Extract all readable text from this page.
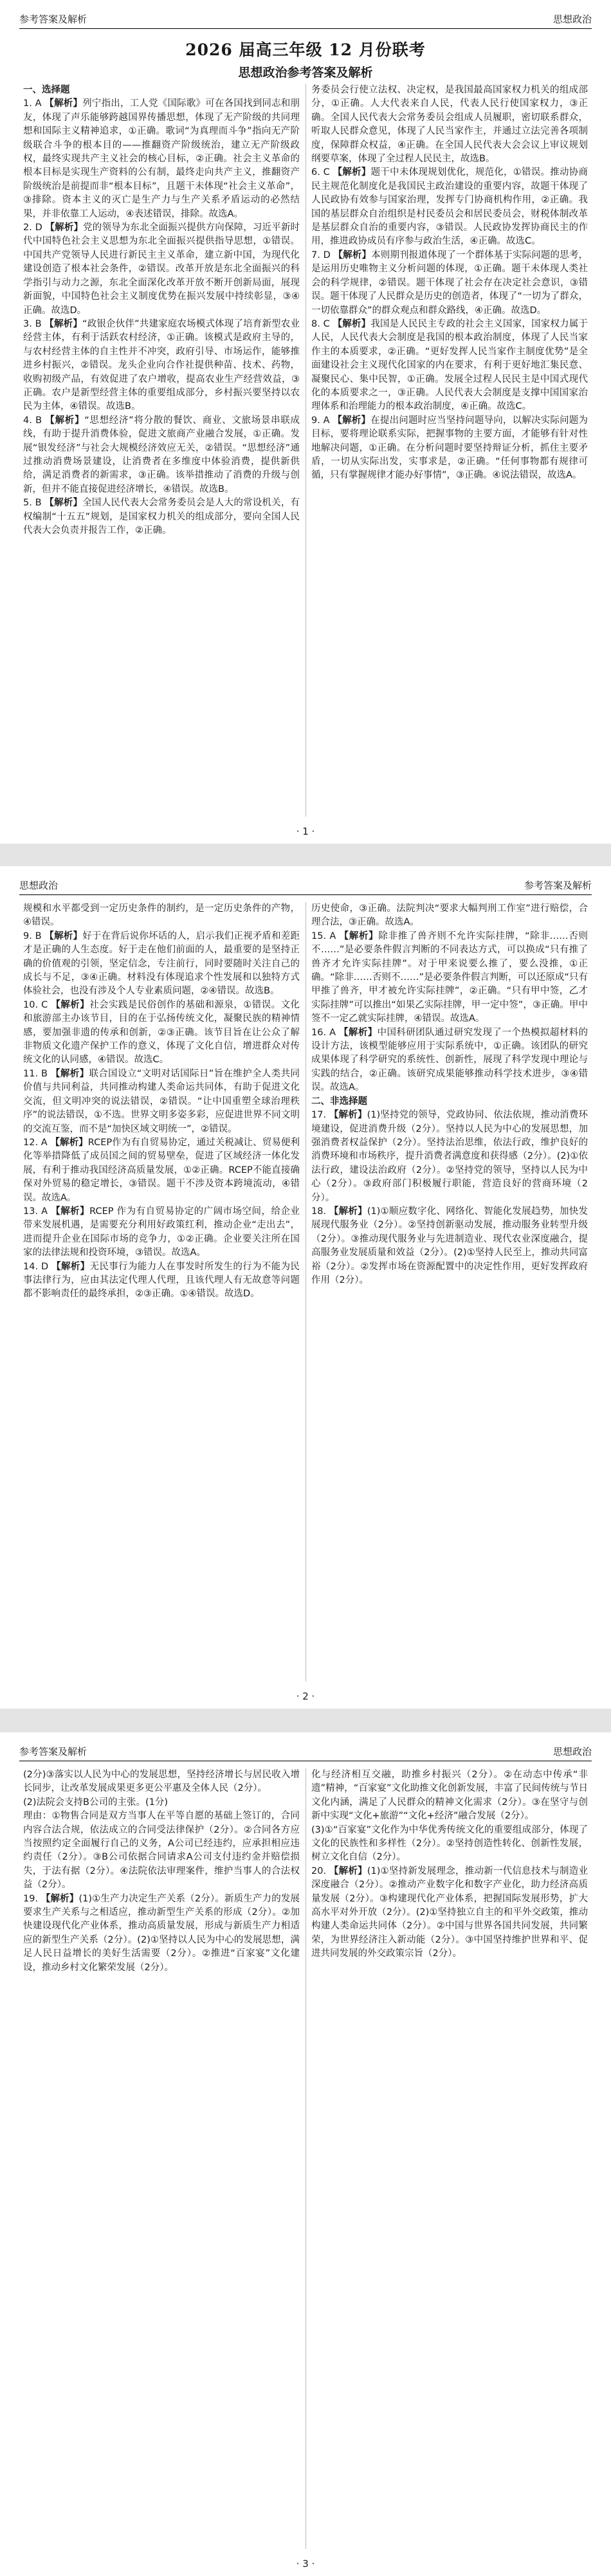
参考答案及解析	思想政治
2026 届高三年级 12 月份联考
思想政治参考答案及解析

一、选择题

1. A 【解析】列宁指出，工人党《国际歌》可在各国找到同志和朋友，体现了声乐能够跨越国界传播思想，体现了无产阶级的共同理想和国际主义精神追求，①正确。歌词“为真理而斗争”指向无产阶级联合斗争的根本目的——推翻资产阶级统治，建立无产阶级政权，最终实现共产主义社会的核心目标，②正确。社会主义革命的根本目标是实现生产资料的公有制，最终走向共产主义，推翻资产阶级统治是前提而非“根本目标”，且题干未体现“社会主义革命”，③排除。资本主义的灭亡是生产力与生产关系矛盾运动的必然结果，并非依靠工人运动，④表述错误，排除。故选A。

2. D 【解析】党的领导为东北全面振兴提供方向保障，习近平新时代中国特色社会主义思想为东北全面振兴提供指导思想，①错误。中国共产党领导人民进行新民主主义革命，建立新中国，为现代化建设创造了根本社会条件，②错误。改革开放是东北全面振兴的科学指引与动力之源，东北全面深化改革开放不断开创新局面，展现新面貌，中国特色社会主义制度优势在振兴发展中持续彰显，③④正确。故选D。

3. B 【解析】“政银企伙伴”共建家庭农场模式体现了培育新型农业经营主体，有利于活跃农村经济，①正确。该模式是政府主导的，与农村经营主体的自主性并不冲突，政府引导、市场运作，能够推进乡村振兴，②错误。龙头企业向合作社提供种苗、技术、药物，收购初级产品，有效促进了农户增收，提高农业生产经营效益，③正确。农户是新型经营主体的重要组成部分，乡村振兴要坚持以农民为主体，④错误。故选B。

4. B 【解析】“思想经济”将分散的餐饮、商业、文旅场景串联成线，有助于提升消费体验，促进文旅商产业融合发展，①正确。发展“银发经济”与社会大规模经济效应无关，②错误。“思想经济”通过推动消费场景建设，让消费者在多维度中体验消费，提供新供给，满足消费者的新需求，③正确。该举措推动了消费的升级与创新，但并不能直接促进经济增长，④错误。故选B。

5. B 【解析】全国人民代表大会常务委员会是人大的常设机关，有权编制“十五五”规划，是国家权力机关的组成部分，要向全国人民代表大会负责并报告工作，②正确。

务委员会行使立法权、决定权，是我国最高国家权力机关的组成部分，①正确。人大代表来自人民，代表人民行使国家权力，③正确。全国人民代表大会常务委员会组成人员履职，密切联系群众，听取人民群众意见，体现了人民当家作主，并通过立法完善各项制度，保障群众权益，④正确。在全国人民代表大会会议上审议规划纲要草案，体现了全过程人民民主，故选B。

6. C 【解析】题干中未体现规划优化，规范化，①错误。推动协商民主规范化制度化是我国民主政治建设的重要内容，故题干体现了人民政协有效参与国家治理，发挥专门协商机构作用，②正确。我国的基层群众自治组织是村民委员会和居民委员会，财税体制改革是基层群众自治的重要内容，③错误。人民政协发挥协商民主的作用，推进政协成员有序参与政治生活，④正确。故选C。

7. D 【解析】本则期刊报道体现了一个群体基于实际问题的思考，是运用历史唯物主义分析问题的体现，①正确。题干未体现人类社会的科学规律，②错误。题干体现了社会存在决定社会意识，③错误。题干体现了人民群众是历史的创造者，体现了“一切为了群众，一切依靠群众”的群众观点和群众路线，④正确。故选D。

8. C 【解析】我国是人民民主专政的社会主义国家，国家权力属于人民，人民代表大会制度是我国的根本政治制度，体现了人民当家作主的本质要求，②正确。“更好发挥人民当家作主制度优势”是全面建设社会主义现代化国家的内在要求，有利于更好地汇集民意、凝聚民心、集中民智，①正确。发展全过程人民民主是中国式现代化的本质要求之一，③正确。人民代表大会制度是支撑中国国家治理体系和治理能力的根本政治制度，④正确。故选C。

9. A 【解析】在提出问题时应当坚持问题导向，以解决实际问题为目标，要将理论联系实际，把握事物的主要方面，才能够有针对性地解决问题，①正确。在分析问题时要坚持辩证分析，抓住主要矛盾，一切从实际出发，实事求是，②正确。“任何事物都有规律可循，只有掌握规律才能办好事情”，③正确。④说法错误，故选A。

· 1 ·
思想政治	参考答案及解析

规模和水平都受到一定历史条件的制约，是一定历史条件的产物，④错误。

9. B 【解析】好于在背后说你坏话的人，启示我们正视矛盾和差距才是正确的人生态度。好于走在他们前面的人，最重要的是坚持正确的价值观的引领，坚定信念，专注前行，同时要随时关注自己的成长与不足，③④正确。材料没有体现追求个性发展和以独特方式体验社会，也没有涉及个人专业素质问题，②④错误。故选B。

10. C 【解析】社会实践是民俗创作的基础和源泉，①错误。文化和旅游部主办该节目，目的在于弘扬传统文化，凝聚民族的精神情感，要加强非遗的传承和创新，②③正确。该节目旨在让公众了解非物质文化遗产保护工作的意义，体现了文化自信，增进群众对传统文化的认同感，④错误。故选C。

11. B 【解析】联合国设立“文明对话国际日”旨在维护全人类共同价值与共同利益，共同推动构建人类命运共同体，有助于促进文化交流，但文明冲突的说法错误，②错误。“让中国重塑全球治理秩序”的说法错误，①不选。世界文明多姿多彩，应促进世界不同文明的交流互鉴，而不是“加快区域文明统一”，②错误。

12. A 【解析】RCEP作为有自贸易协定，通过关税减让、贸易便利化等举措降低了成员国之间的贸易壁垒，促进了区域经济一体化发展，有利于推动我国经济高质量发展，①②正确。RCEP不能直接确保对外贸易的稳定增长，③错误。题干不涉及资本跨境流动，④错误。故选A。

13. A 【解析】RCEP 作为有自贸易协定的广阔市场空间，给企业带来发展机遇，是需要充分利用好政策红利，推动企业“走出去”，进而提升企业在国际市场的竞争力，①②正确。企业要关注所在国家的法律法规和投资环境，③错误。故选A。

14. D 【解析】无民事行为能力人在事发时所发生的行为不能为民事法律行为，应由其法定代理人代理，且该代理人有无故意等问题都不影响责任的最终承担，②③正确。①④错误。故选D。

历史使命，③正确。法院判决“要求大幅判刑工作室”进行赔偿，合理合法，③正确。故选A。

15. A 【解析】除非推了兽齐则不允许实际挂牌，“除非……否则不……”是必要条件假言判断的不同表达方式，可以换成“只有推了兽齐才允许实际挂牌”。对于甲来说要么推了，要么没推，①正确。“除非……否则不……”是必要条件假言判断，可以还原成“只有甲推了兽齐，甲才被允许实际挂牌”，②正确。“只有甲中签，乙才实际挂牌”可以推出“如果乙实际挂牌，甲一定中签”，③正确。甲中签不一定乙就实际挂牌，④错误。故选A。

16. A 【解析】中国科研团队通过研究发现了一个热模拟超材料的设计方法，该模型能够应用于实际系统中，①正确。该团队的研究成果体现了科学研究的系统性、创新性，展现了科学发现中理论与实践的结合，②正确。该研究成果能够推动科学技术进步，③④错误。故选A。

二、非选择题

17. 【解析】(1)坚持党的领导，党政协同、依法依规，推动消费环境建设，促进消费升级（2分）。坚持以人民为中心的发展思想，加强消费者权益保护（2分）。坚持法治思维，依法行政，维护良好的消费环境和市场秩序，提升消费者满意度和获得感（2分）。(2)①依法行政，建设法治政府（2分）。②坚持党的领导，坚持以人民为中心（2分）。③政府部门积极履行职能，营造良好的营商环境（2分）。

18. 【解析】(1)①顺应数字化、网络化、智能化发展趋势，加快发展现代服务业（2分）。②坚持创新驱动发展，推动服务业转型升级（2分）。③推动现代服务业与先进制造业、现代农业深度融合，提高服务业发展质量和效益（2分）。(2)①坚持人民至上，推动共同富裕（2分）。②发挥市场在资源配置中的决定性作用，更好发挥政府作用（2分）。

· 2 ·
参考答案及解析	思想政治

(2分)③落实以人民为中心的发展思想，坚持经济增长与居民收入增长同步，让改革发展成果更多更公平惠及全体人民（2分）。

(2)法院会支持B公司的主张。(1分)

理由：①物售合同是双方当事人在平等自愿的基础上签订的，合同内容合法合规，依法成立的合同受法律保护（2分）。②合同各方应当按照约定全面履行自己的义务，A公司已经违约，应承担相应违约责任（2分）。③B公司依据合同请求A公司支付违约金并赔偿损失，于法有据（2分）。④法院依法审理案件，维护当事人的合法权益（2分）。

19. 【解析】(1)①生产力决定生产关系（2分）。新质生产力的发展要求生产关系与之相适应，推动新型生产关系的形成（2分）。②加快建设现代化产业体系，推动高质量发展，形成与新质生产力相适应的新型生产关系（2分）。(2)①坚持以人民为中心的发展思想，满足人民日益增长的美好生活需要（2分）。②推进“百家宴”文化建设，推动乡村文化繁荣发展（2分）。

化与经济相互交融，助推乡村振兴（2分）。②在动态中传承“非遗”精神，“百家宴”文化助推文化创新发展，丰富了民间传统与节日文化内涵，满足了人民群众的精神文化需求（2分）。③在坚守与创新中实现“文化+旅游”“文化+经济”融合发展（2分）。

(3)①“百家宴”文化作为中华优秀传统文化的重要组成部分，体现了文化的民族性和多样性（2分）。②坚持创造性转化、创新性发展，树立文化自信（2分）。

20. 【解析】(1)①坚持新发展理念，推动新一代信息技术与制造业深度融合（2分）。②推动产业数字化和数字产业化，助力经济高质量发展（2分）。③构建现代化产业体系，把握国际发展形势，扩大高水平对外开放（2分）。(2)①坚持独立自主的和平外交政策，推动构建人类命运共同体（2分）。②中国与世界各国共同发展，共同繁荣，为世界经济注入新动能（2分）。③中国坚持维护世界和平、促进共同发展的外交政策宗旨（2分）。

· 3 ·
